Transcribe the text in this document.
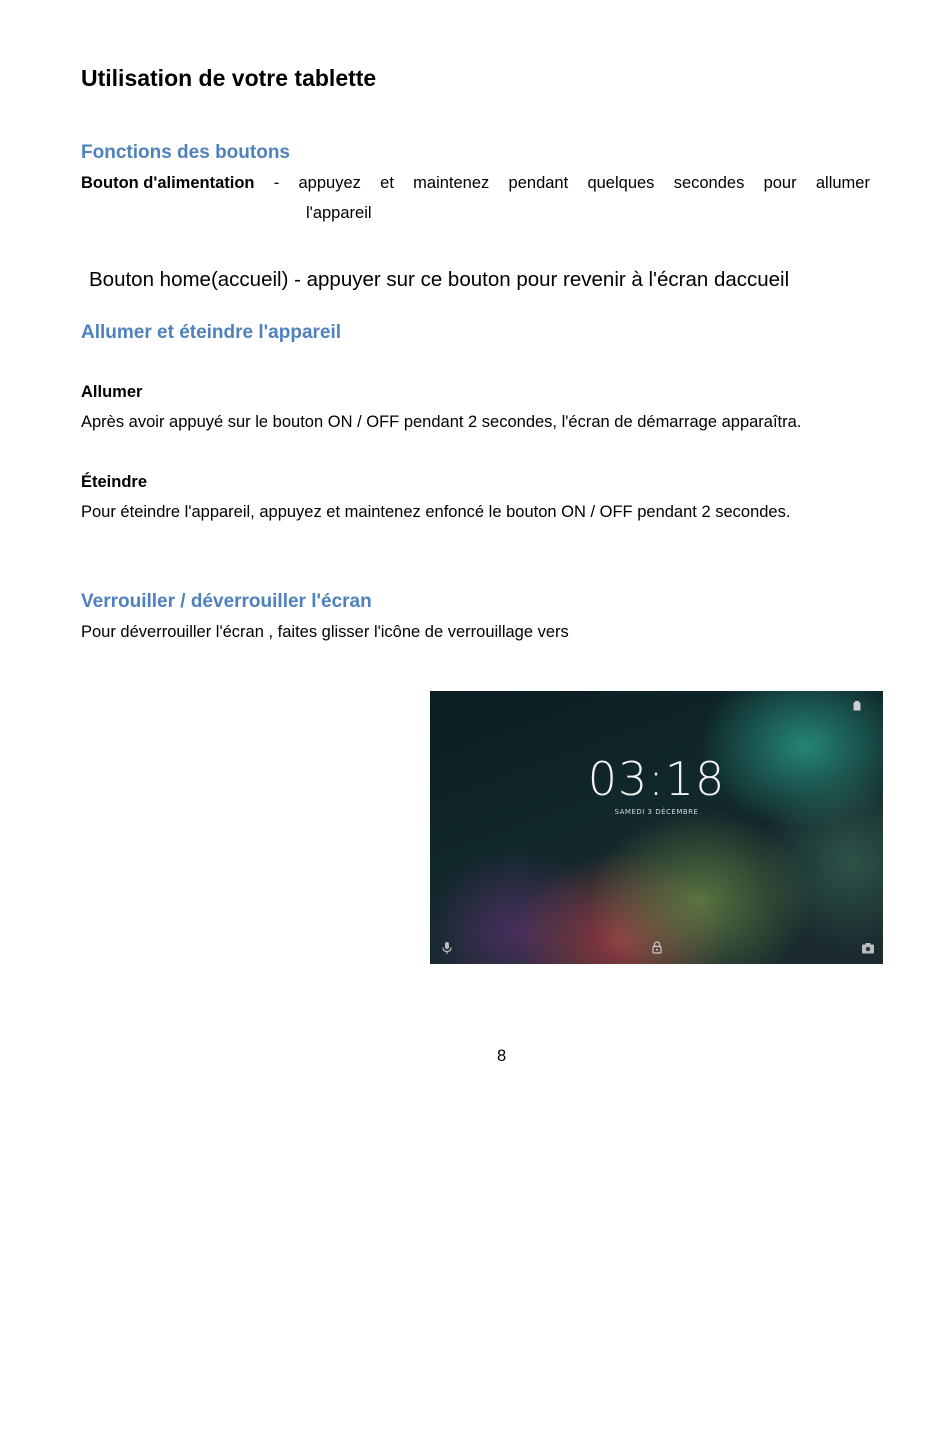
Utilisation de votre tablette
Fonctions des boutons
Bouton d'alimentation - appuyez et maintenez pendant quelques secondes pour allumer
l'appareil
Bouton home(accueil) - appuyer sur ce bouton pour revenir à l'écran daccueil
Allumer et éteindre l'appareil
Allumer
Après avoir appuyé sur le bouton ON / OFF pendant 2 secondes, l'écran de démarrage apparaîtra.
Éteindre
Pour éteindre l'appareil, appuyez et maintenez enfoncé le bouton ON / OFF pendant 2 secondes.
Verrouiller / déverrouiller l'écran
Pour déverrouiller l'écran , faites glisser l'icône de verrouillage vers
03:18
SAMEDI 3 DÉCEMBRE
8
